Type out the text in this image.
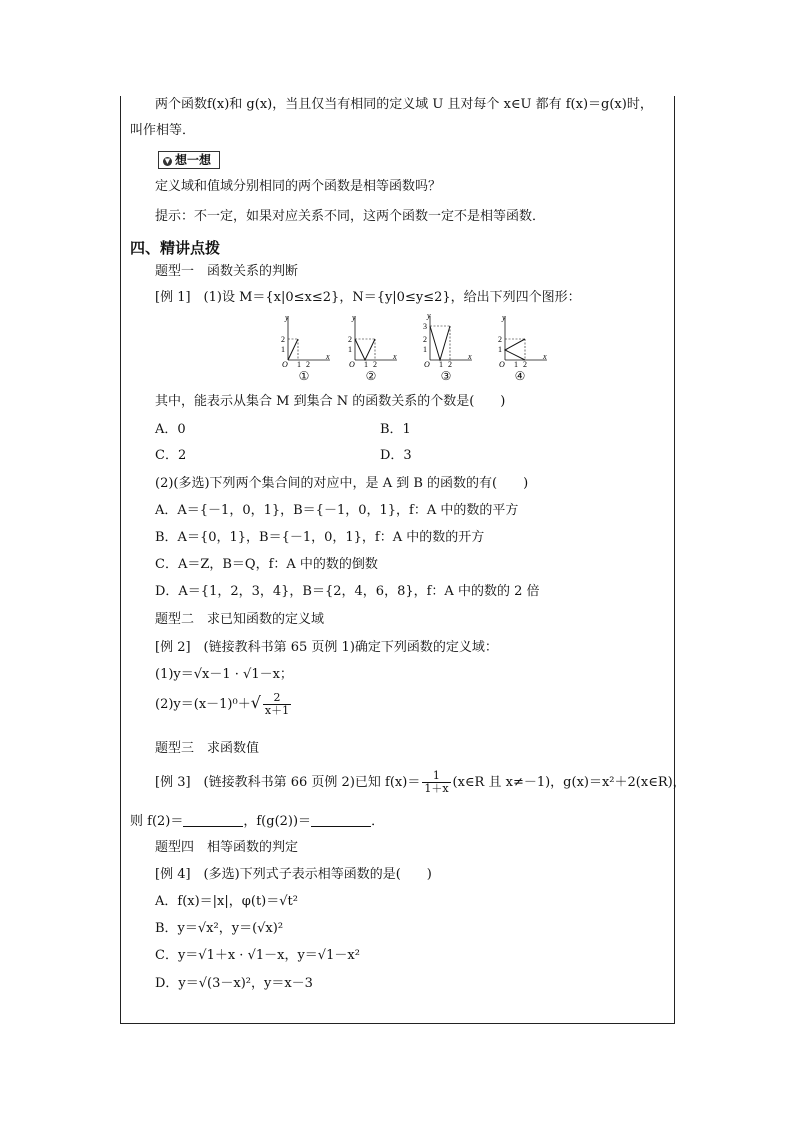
两个函数f(x)和 g(x)，当且仅当有相同的定义域 U 且对每个 x∈U 都有 f(x)＝g(x)时，
叫作相等．
▼ 想一想
定义域和值域分别相同的两个函数是相等函数吗？
提示：不一定，如果对应关系不同，这两个函数一定不是相等函数．
四、精讲点拨
题型一　函数关系的判断
[例 1]　(1)设 M＝{x|0≤x≤2}，N＝{y|0≤y≤2}，给出下列四个图形：
y
x
2
1
O 1 2
①
y
x
2
1
O 1 2
②
y
x
3
2
1
O 1 2
③
y
x
2
1
O 1 2
④
其中，能表示从集合 M 到集合 N 的函数关系的个数是(　　)
A．0	B．1
C．2	D．3
(2)(多选)下列两个集合间的对应中，是 A 到 B 的函数的有(　　)
A．A＝{－1，0，1}，B＝{－1，0，1}，f：A 中的数的平方
B．A＝{0，1}，B＝{－1，0，1}，f：A 中的数的开方
C．A＝Z，B＝Q，f：A 中的数的倒数
D．A＝{1，2，3，4}，B＝{2，4，6，8}，f：A 中的数的 2 倍
题型二　求已知函数的定义域
[例 2]　(链接教科书第 65 页例 1)确定下列函数的定义域：
(1)y＝√x－1 · √1－x；
$(2)y=(x-1)^0+√ \frac{2}{x+1}$
题型三　求函数值
[例 3]　(链接教科书第 66 页例 2)已知 $f(x)= \frac{1}{1+x}$ (x∈R 且 x≠－1)，g(x)＝x²＋2(x∈R)，
则 f(2)＝	，f(g(2))＝	．
题型四　相等函数的判定
[例 4]　(多选)下列式子表示相等函数的是(　　)
A．f(x)＝|x|，φ(t)＝√t²
B．y＝√x²，y＝(√x)²
C．y＝√1＋x · √1－x，y＝√1－x²
D．y＝√(3－x)²，y＝x－3
